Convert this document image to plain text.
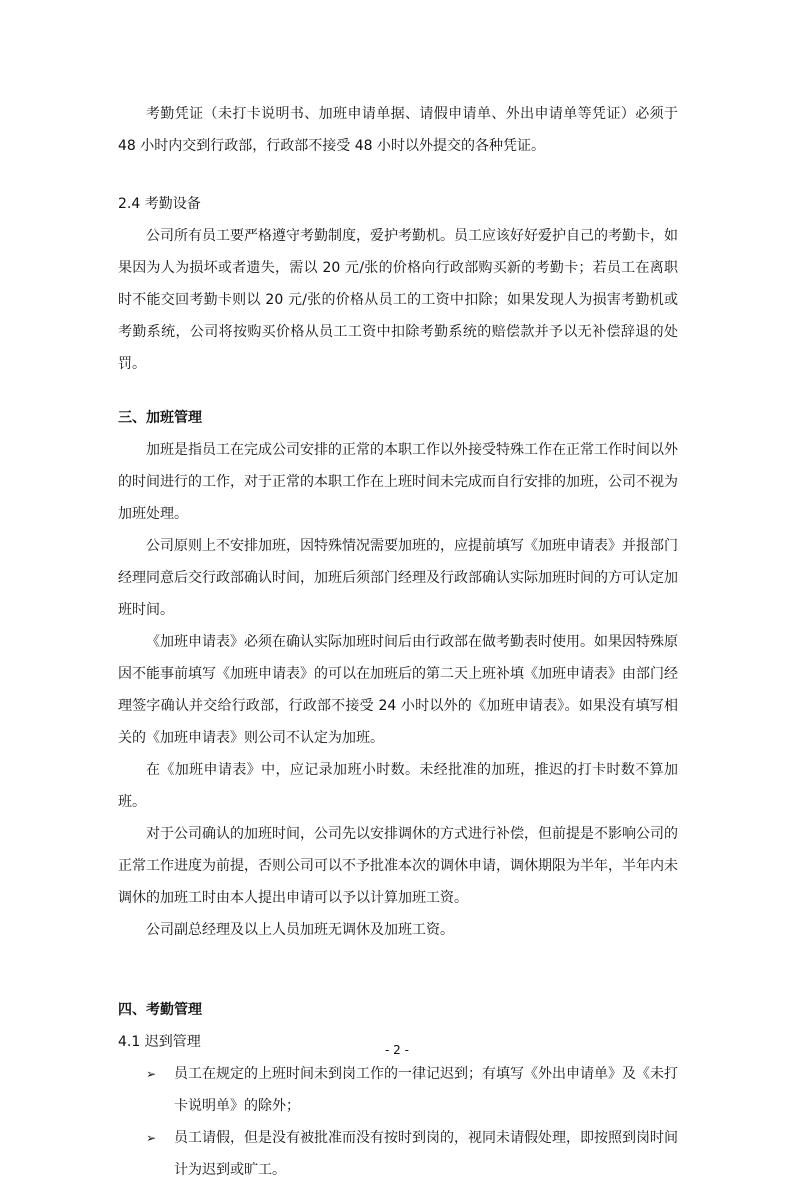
考勤凭证（未打卡说明书、加班申请单据、请假申请单、外出申请单等凭证）必须于 48 小时内交到行政部，行政部不接受 48 小时以外提交的各种凭证。

2.4 考勤设备

公司所有员工要严格遵守考勤制度，爱护考勤机。员工应该好好爱护自己的考勤卡，如果因为人为损坏或者遗失，需以 20 元/张的价格向行政部购买新的考勤卡；若员工在离职时不能交回考勤卡则以 20 元/张的价格从员工的工资中扣除；如果发现人为损害考勤机或考勤系统，公司将按购买价格从员工工资中扣除考勤系统的赔偿款并予以无补偿辞退的处罚。

三、加班管理

加班是指员工在完成公司安排的正常的本职工作以外接受特殊工作在正常工作时间以外的时间进行的工作，对于正常的本职工作在上班时间未完成而自行安排的加班，公司不视为加班处理。

公司原则上不安排加班，因特殊情况需要加班的，应提前填写《加班申请表》并报部门经理同意后交行政部确认时间，加班后须部门经理及行政部确认实际加班时间的方可认定加班时间。

《加班申请表》必须在确认实际加班时间后由行政部在做考勤表时使用。如果因特殊原因不能事前填写《加班申请表》的可以在加班后的第二天上班补填《加班申请表》由部门经理签字确认并交给行政部，行政部不接受 24 小时以外的《加班申请表》。如果没有填写相关的《加班申请表》则公司不认定为加班。

在《加班申请表》中，应记录加班小时数。未经批准的加班，推迟的打卡时数不算加班。

对于公司确认的加班时间，公司先以安排调休的方式进行补偿，但前提是不影响公司的正常工作进度为前提，否则公司可以不予批准本次的调休申请，调休期限为半年，半年内未调休的加班工时由本人提出申请可以予以计算加班工资。

公司副总经理及以上人员加班无调休及加班工资。

四、考勤管理

4.1 迟到管理

➢ 员工在规定的上班时间未到岗工作的一律记迟到；有填写《外出申请单》及《未打卡说明单》的除外；
➢ 员工请假，但是没有被批准而没有按时到岗的，视同未请假处理，即按照到岗时间计为迟到或旷工。
- 2 -
